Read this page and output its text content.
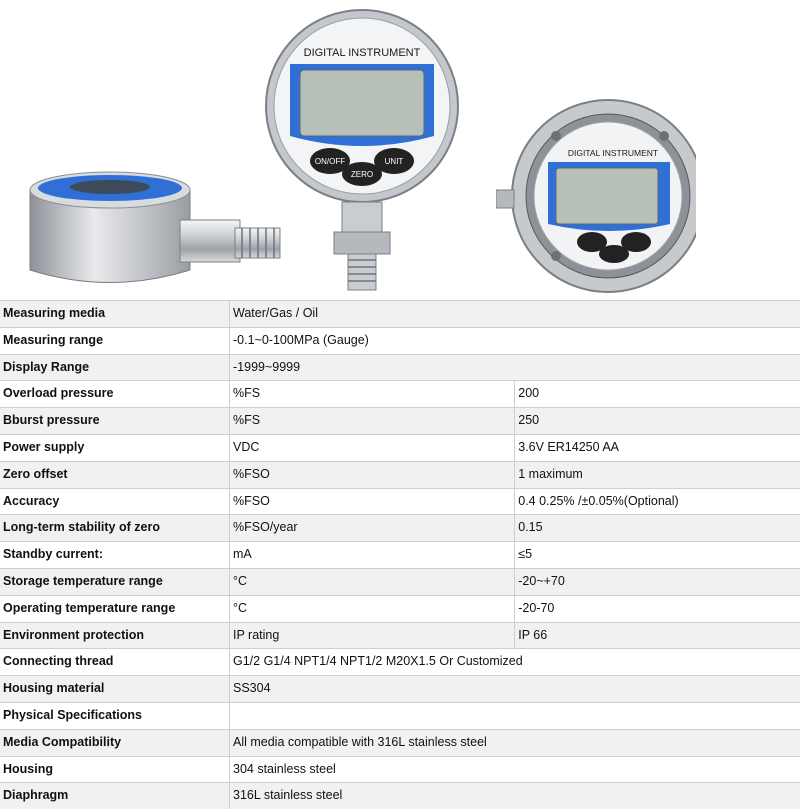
DIGITAL INSTRUMENT
ON/OFF	UNIT
ZERO
DIGITAL INSTRUMENT
Measuring media	Water/Gas / Oil	
Measuring range	-0.1~0-100MPa (Gauge)	
Display Range	-1999~9999	
Overload pressure	%FS	200
Bburst pressure	%FS	250
Power supply	VDC	3.6V ER14250 AA
Zero offset	%FSO	1 maximum
Accuracy	%FSO	0.4 0.25% /±0.05%(Optional)
Long-term stability of zero	%FSO/year	0.15
Standby current:	mA	≤5
Storage temperature range	°C	-20~+70
Operating temperature range	°C	-20-70
Environment protection	IP rating	IP 66
Connecting thread	G1/2 G1/4 NPT1/4 NPT1/2 M20X1.5 Or Customized	
Housing material	SS304	
Physical Specifications		
Media Compatibility	All media compatible with 316L stainless steel	
Housing	304 stainless steel	
Diaphragm	316L stainless steel	
